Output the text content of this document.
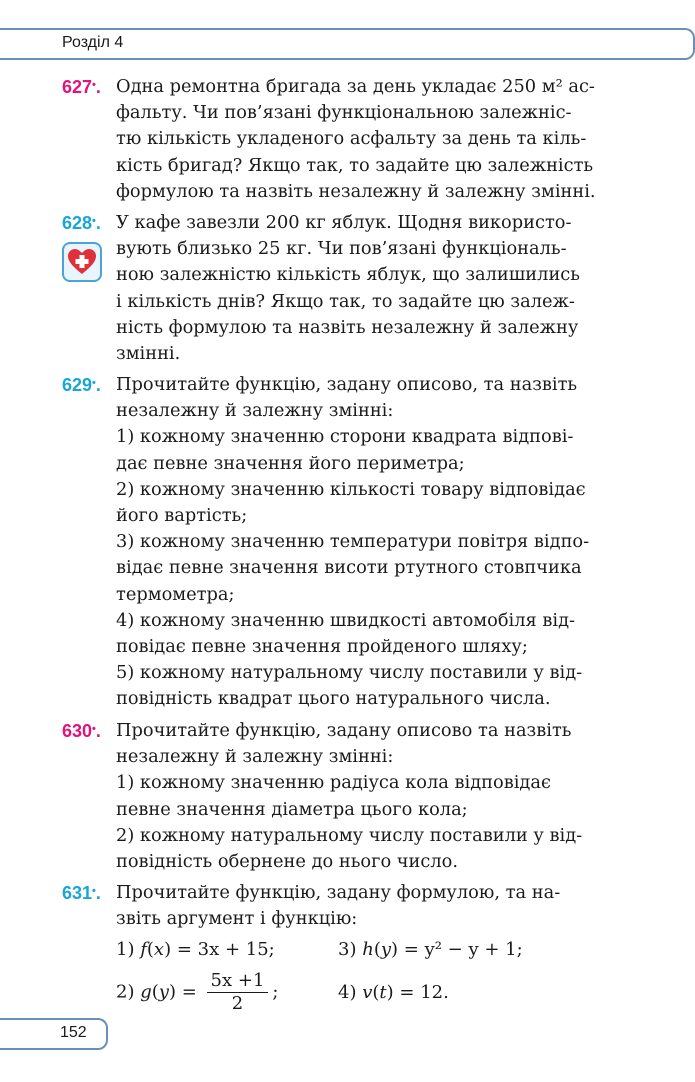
Розділ 4
627•. Одна ремонтна бригада за день укладає 250 м² ас-
фальту. Чи пов’язані функціональною залежніс-
тю кількість укладеного асфальту за день та кіль-
кість бригад? Якщо так, то задайте цю залежність
формулою та назвіть незалежну й залежну змінні.
628•. У кафе завезли 200 кг яблук. Щодня використо-
вують близько 25 кг. Чи пов’язані функціональ-
ною залежністю кількість яблук, що залишились
і кількість днів? Якщо так, то задайте цю залеж-
ність формулою та назвіть незалежну й залежну
змінні.
629•. Прочитайте функцію, задану описово, та назвіть
незалежну й залежну змінні:
1) кожному значенню сторони квадрата відпові-
дає певне значення його периметра;
2) кожному значенню кількості товару відповідає
його вартість;
3) кожному значенню температури повітря відпо-
відає певне значення висоти ртутного стовпчика
термометра;
4) кожному значенню швидкості автомобіля від-
повідає певне значення пройденого шляху;
5) кожному натуральному числу поставили у від-
повідність квадрат цього натурального числа.
630•. Прочитайте функцію, задану описово та назвіть
незалежну й залежну змінні:
1) кожному значенню радіуса кола відповідає
певне значення діаметра цього кола;
2) кожному натуральному числу поставили у від-
повідність обернене до нього число.
631•. Прочитайте функцію, задану формулою, та на-
звіть аргумент і функцію:
1) f(x) = 3x + 15;	3) h(y) = y² − y + 1;
2) $g(y) = \frac{5x +1}{2}$ ;	4) v(t) = 12.
152
